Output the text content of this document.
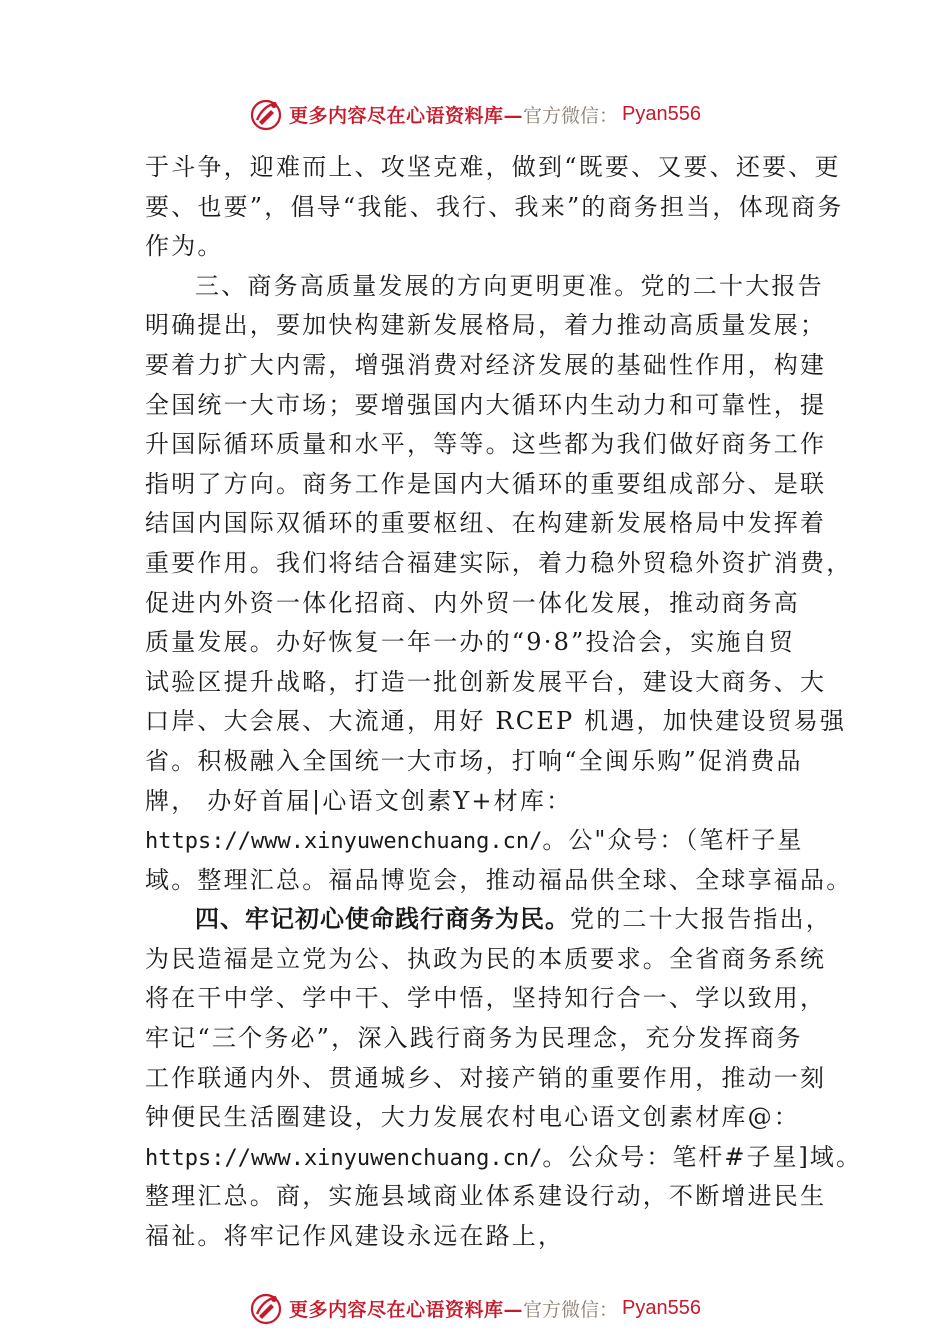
更多内容尽在心语资料库— 官方微信： Pyan556
于斗争，迎难而上、攻坚克难，做到“既要、又要、还要、更
要、也要”，倡导“我能、我行、我来”的商务担当，体现商务
作为。
三、商务高质量发展的方向更明更准。党的二十大报告
明确提出，要加快构建新发展格局，着力推动高质量发展；
要着力扩大内需，增强消费对经济发展的基础性作用，构建
全国统一大市场；要增强国内大循环内生动力和可靠性，提
升国际循环质量和水平，等等。这些都为我们做好商务工作
指明了方向。商务工作是国内大循环的重要组成部分、是联
结国内国际双循环的重要枢纽、在构建新发展格局中发挥着
重要作用。我们将结合福建实际，着力稳外贸稳外资扩消费，
促进内外资一体化招商、内外贸一体化发展，推动商务高
质量发展。办好恢复一年一办的“9·8”投洽会，实施自贸
试验区提升战略，打造一批创新发展平台，建设大商务、大
口岸、大会展、大流通，用好 RCEP 机遇，加快建设贸易强
省。积极融入全国统一大市场，打响“全闽乐购”促消费品
牌， 办好首届|心语文创素Y+材库：
https://www.xinyuwenchuang.cn/。公"众号：（笔杆子星
域。整理汇总。福品博览会，推动福品供全球、全球享福品。
四、牢记初心使命践行商务为民。党的二十大报告指出，
为民造福是立党为公、执政为民的本质要求。全省商务系统
将在干中学、学中干、学中悟，坚持知行合一、学以致用，
牢记“三个务必”，深入践行商务为民理念，充分发挥商务
工作联通内外、贯通城乡、对接产销的重要作用，推动一刻
钟便民生活圈建设，大力发展农村电心语文创素材库@：
https://www.xinyuwenchuang.cn/。公众号：笔杆#子星]域。
整理汇总。商，实施县域商业体系建设行动，不断增进民生
福祉。将牢记作风建设永远在路上，
更多内容尽在心语资料库— 官方微信： Pyan556
